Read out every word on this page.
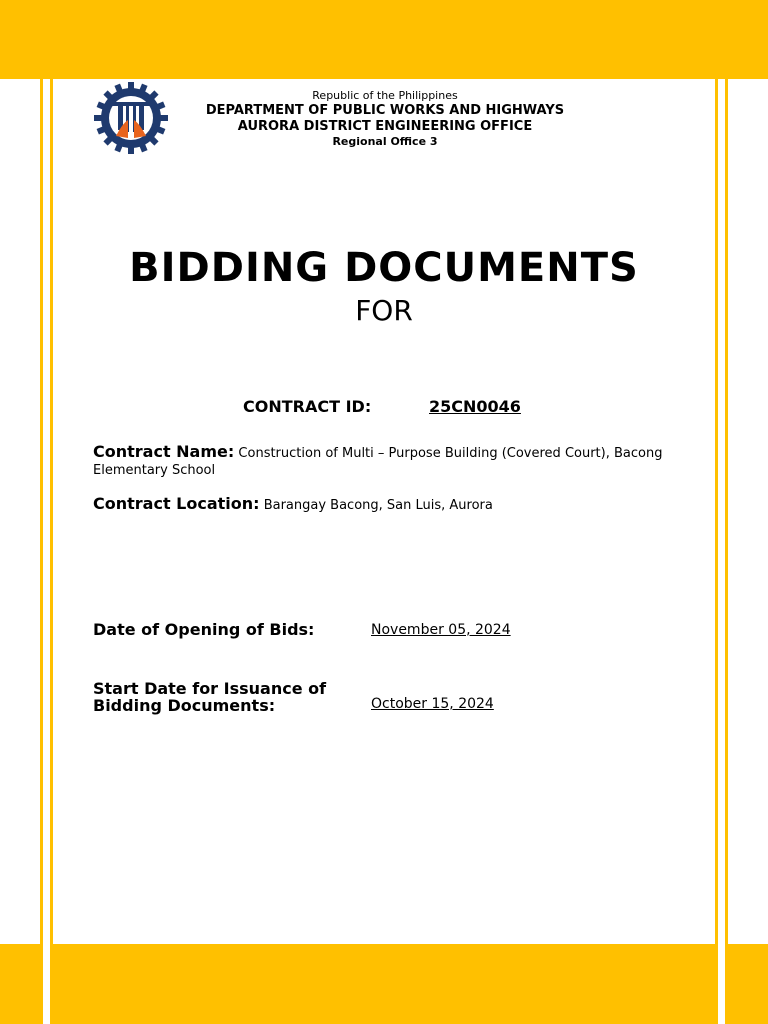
Republic of the Philippines
DEPARTMENT OF PUBLIC WORKS AND HIGHWAYS
AURORA DISTRICT ENGINEERING OFFICE
Regional Office 3
BIDDING DOCUMENTS
FOR
CONTRACT ID:	25CN0046
Contract Name: Construction of Multi – Purpose Building (Covered Court), Bacong Elementary School
Contract Location: Barangay Bacong, San Luis, Aurora
Date of Opening of Bids:	November 05, 2024
Start Date for Issuance of Bidding Documents:	October 15, 2024
